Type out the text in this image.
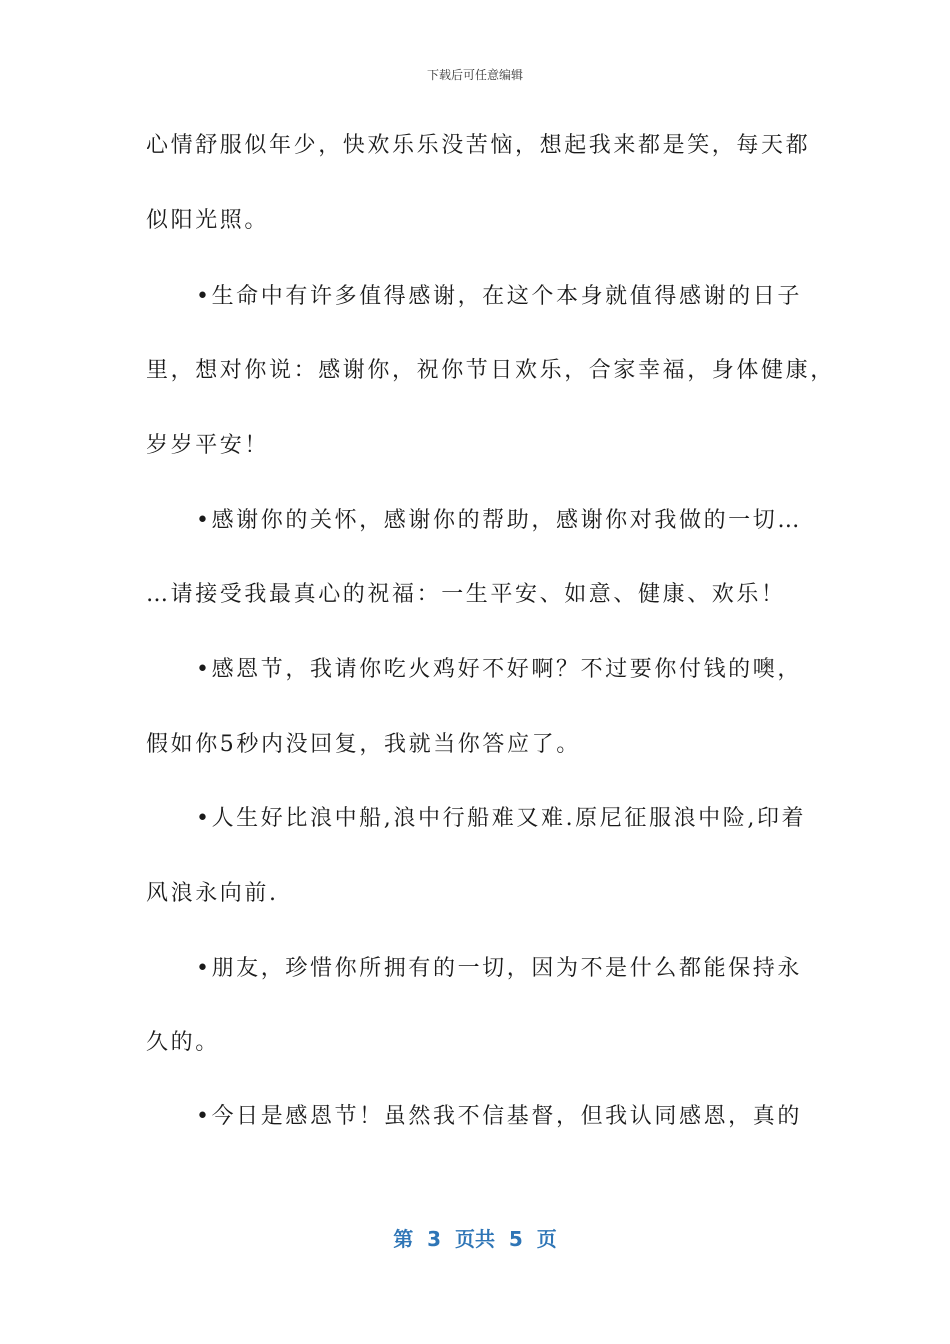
下载后可任意编辑
心情舒服似年少，快欢乐乐没苦恼，想起我来都是笑，每天都
似阳光照。
•生命中有许多值得感谢，在这个本身就值得感谢的日子
里，想对你说：感谢你，祝你节日欢乐，合家幸福，身体健康，
岁岁平安！
•感谢你的关怀，感谢你的帮助，感谢你对我做的一切…
…请接受我最真心的祝福：一生平安、如意、健康、欢乐！
•感恩节，我请你吃火鸡好不好啊？不过要你付钱的噢，
假如你5秒内没回复，我就当你答应了。
•人生好比浪中船,浪中行船难又难.原尼征服浪中险,印着
风浪永向前.
•朋友，珍惜你所拥有的一切，因为不是什么都能保持永
久的。
•今日是感恩节！虽然我不信基督，但我认同感恩，真的
第  3  页共  5  页
